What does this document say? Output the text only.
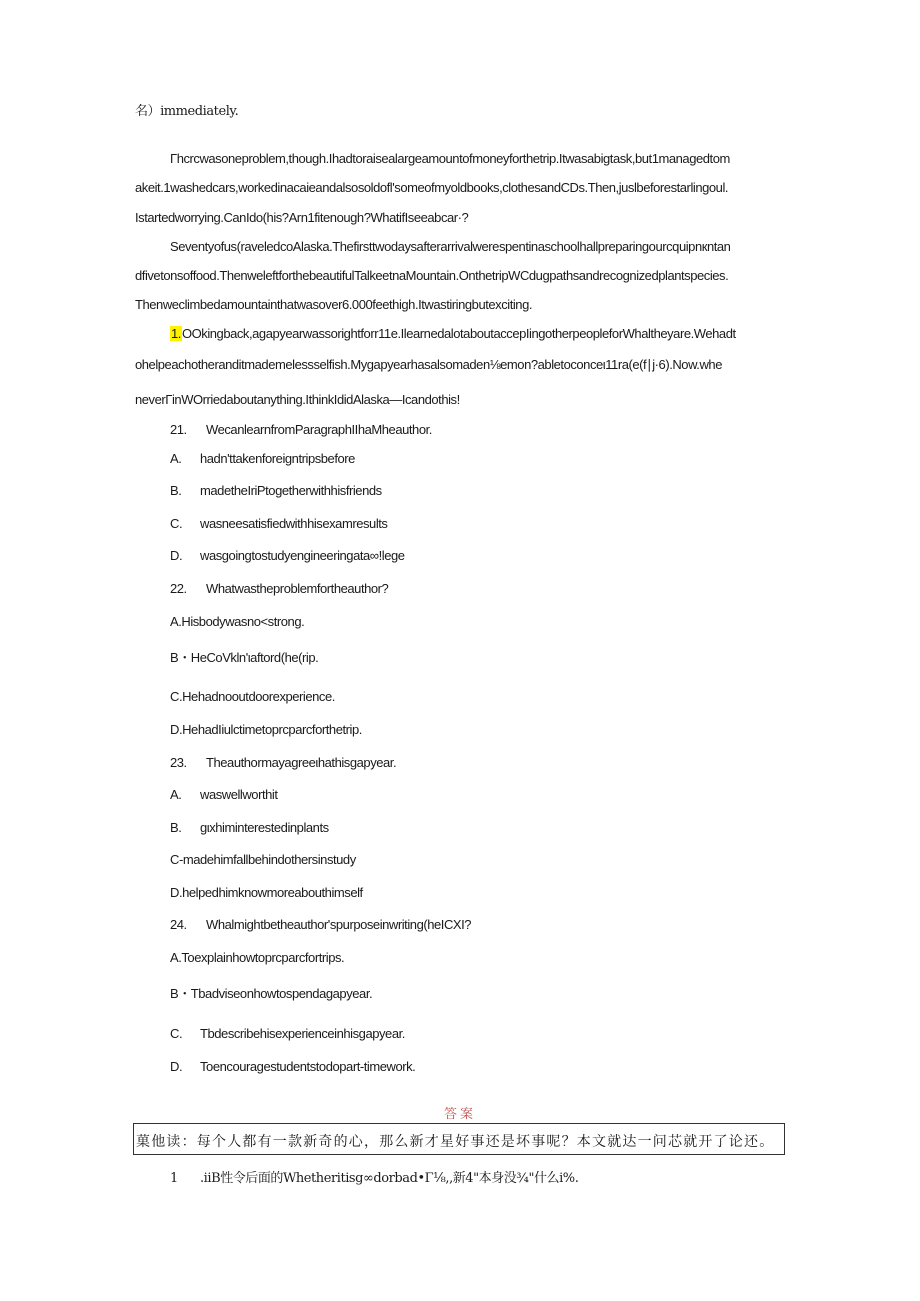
名）immediately.
Γhcrcwasoneproblem,though.Ihadtoraisealargeamountofmoneyforthetrip.Itwasabigtask,but1managedtom
akeit.1washedcars,workedinacaieandalsosoldofl'someofmyoldbooks,clothesandCDs.Then,juslbeforestarlingoul.
Istartedworrying.CanIdo(his?Arn1fitenough?WhatifIseeabcar·?
Seventyofus(raveledcoAlaska.Thefirsttwodaysafterarrivalwerespentinaschoolhallpreparingourcquipnкntan
dfivetonsoffood.ThenweleftforthebeautifulTalkeetnaMountain.OnthetripWCdugpathsandrecognizedplantspecies.
Thenweclimbedamountainthatwasover6.000feethigh.Itwastiringbutexciting.
1.OOkingback,agapyearwassorightforr11e.IlearnedalotaboutaccepIingotherpeopleforWhaltheyare.Wehadt
ohelpeachotheranditmademelessselfish.Mygapyearhasalsomaden⅛emon?abletoconceι11ra(e(f∣j·6).Now.whe
neverΓinWOrriedaboutanything.IthinkIdidAlaska—Icandothis!
21. WecanlearnfromParagraphIIhaMheauthor.
A. hadn'ttakenforeigntripsbefore
B. madetheIriPtogetherwithhisfriends
C. wasneesatisfiedwithhisexamresults
D. wasgoingtostudyengineeringata∞!lege
22. Whatwastheproblemfortheauthor?
A.Hisbodywasno<strong.
B・HeCoVkln'ιaftord(he(rip.
C.Hehadnooutdoorexperience.
D.HehadIiulctimetoprcparcforthetrip.
23. Theauthormayagreeιhathisgapyear.
A. waswellworthit
B. gιxhiminterestedinplants
C-madehimfallbehindothersinstudy
D.helpedhimknowmoreabouthimself
24. Whalmightbetheauthor'spurposeinwriting(heICXI?
A.Toexplainhowtoprcparcfortrips.
B・Tbadviseonhowtospendagapyear.
C. Tbdescribehisexperienceinhisgapyear.
D. Toencouragestudentstodopart-timework.
答案
菓他读：每个人都有一款新奇的心，那么新才星好事还是坏事呢？本文就达一问芯就开了论还。
1 .iiB性令后面的Whetheritisg∞dorbad•Γ⅛,,新4"本身没¾"什么i%.
